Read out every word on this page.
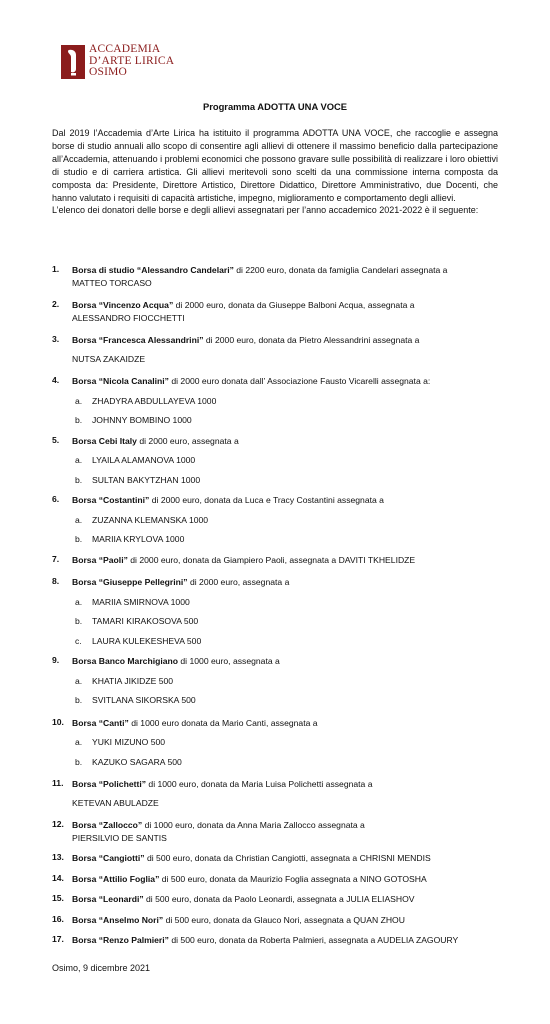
ACCADEMIA
D’ARTE LIRICA
OSIMO
Programma ADOTTA UNA VOCE

Dal 2019 l’Accademia d’Arte Lirica ha istituito il programma ADOTTA UNA VOCE, che raccoglie e assegna borse di studio annuali allo scopo di consentire agli allievi di ottenere il massimo beneficio dalla partecipazione all’Accademia, attenuando i problemi economici che possono gravare sulle possibilità di realizzare i loro obiettivi di studio e di carriera artistica. Gli allievi meritevoli sono scelti da una commissione interna composta da composta da: Presidente, Direttore Artistico, Direttore Didattico, Direttore Amministrativo, due Docenti, che hanno valutato i requisiti di capacità artistiche, impegno, miglioramento e comportamento degli allievi.

L’elenco dei donatori delle borse e degli allievi assegnatari per l’anno accademico 2021-2022 è il seguente:

1.	Borsa di studio “Alessandro Candelari” di 2200 euro, donata da famiglia Candelari assegnata a
MATTEO TORCASO
2.	Borsa “Vincenzo Acqua” di 2000 euro, donata da Giuseppe Balboni Acqua, assegnata a
ALESSANDRO FIOCCHETTI
3.	Borsa “Francesca Alessandrini” di 2000 euro, donata da Pietro Alessandrini assegnata a
NUTSA ZAKAIDZE
4.	Borsa “Nicola Canalini” di 2000 euro donata dall’ Associazione Fausto Vicarelli assegnata a:
a. ZHADYRA ABDULLAYEVA 1000
b. JOHNNY BOMBINO 1000
5.	Borsa Cebi Italy di 2000 euro, assegnata a
a. LYAILA ALAMANOVA 1000
b. SULTAN BAKYTZHAN 1000
6.	Borsa “Costantini” di 2000 euro, donata da Luca e Tracy Costantini assegnata a
a. ZUZANNA KLEMANSKA 1000
b. MARIIA KRYLOVA 1000
7.	Borsa “Paoli” di 2000 euro, donata da Giampiero Paoli, assegnata a DAVITI TKHELIDZE
8.	Borsa “Giuseppe Pellegrini” di 2000 euro, assegnata a
a. MARIIA SMIRNOVA 1000
b. TAMARI KIRAKOSOVA 500
c. LAURA KULEKESHEVA 500
9.	Borsa Banco Marchigiano di 1000 euro, assegnata a
a. KHATIA JIKIDZE 500
b. SVITLANA SIKORSKA 500
10. Borsa “Canti” di 1000 euro donata da Mario Canti, assegnata a
a. YUKI MIZUNO 500
b. KAZUKO SAGARA 500
11. Borsa “Polichetti” di 1000 euro, donata da Maria Luisa Polichetti assegnata a
KETEVAN ABULADZE
12. Borsa “Zallocco” di 1000 euro, donata da Anna Maria Zallocco assegnata a
PIERSILVIO DE SANTIS
13. Borsa “Cangiotti” di 500 euro, donata da Christian Cangiotti, assegnata a CHRISNI MENDIS
14. Borsa “Attilio Foglia” di 500 euro, donata da Maurizio Foglia assegnata a NINO GOTOSHA
15. Borsa “Leonardi” di 500 euro, donata da Paolo Leonardi, assegnata a JULIA ELIASHOV
16. Borsa “Anselmo Nori” di 500 euro, donata da Glauco Nori, assegnata a QUAN ZHOU
17. Borsa “Renzo Palmieri” di 500 euro, donata da Roberta Palmieri, assegnata a AUDELIA ZAGOURY
Osimo, 9 dicembre 2021
